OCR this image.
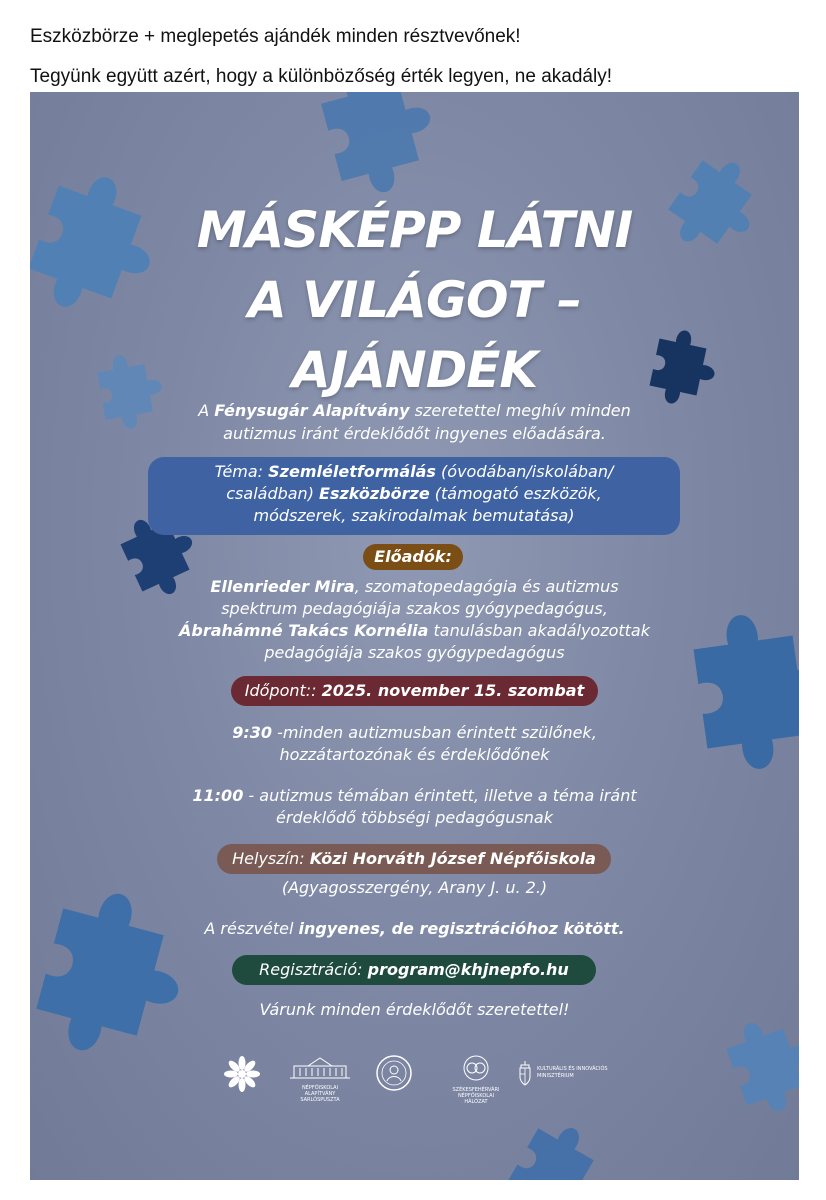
Eszközbörze + meglepetés ajándék minden résztvevőnek!
Tegyünk együtt azért, hogy a különbözőség érték legyen, ne akadály!
MÁSKÉPP LÁTNI
A VILÁGOT –
AJÁNDÉK
A Fénysugár Alapítvány szeretettel meghív minden
autizmus iránt érdeklődőt ingyenes előadására.
Téma: Szemléletformálás (óvodában/iskolában/
családban) Eszközbörze (támogató eszközök,
módszerek, szakirodalmak bemutatása)
Előadók:
Ellenrieder Mira, szomatopedagógia és autizmus
spektrum pedagógiája szakos gyógypedagógus,
Ábrahámné Takács Kornélia tanulásban akadályozottak
pedagógiája szakos gyógypedagógus
Időpont:: 2025. november 15. szombat
9:30 -minden autizmusban érintett szülőnek,
hozzátartozónak és érdeklődőnek
11:00 - autizmus témában érintett, illetve a téma iránt
érdeklődő többségi pedagógusnak
Helyszín: Közi Horváth József Népfőiskola
(Agyagosszergény, Arany J. u. 2.)
A részvétel ingyenes, de regisztrációhoz kötött.
Regisztráció: program@khjnepfo.hu
Várunk minden érdeklődőt szeretettel!
NÉPFŐISKOLAI ALAPÍTVÁNY
SARLÓSPUSZTA
SZÉKESFEHÉRVÁRI
NÉPFŐISKOLAI HÁLÓZAT
KULTURÁLIS ÉS INNOVÁCIÓS
MINISZTÉRIUM
